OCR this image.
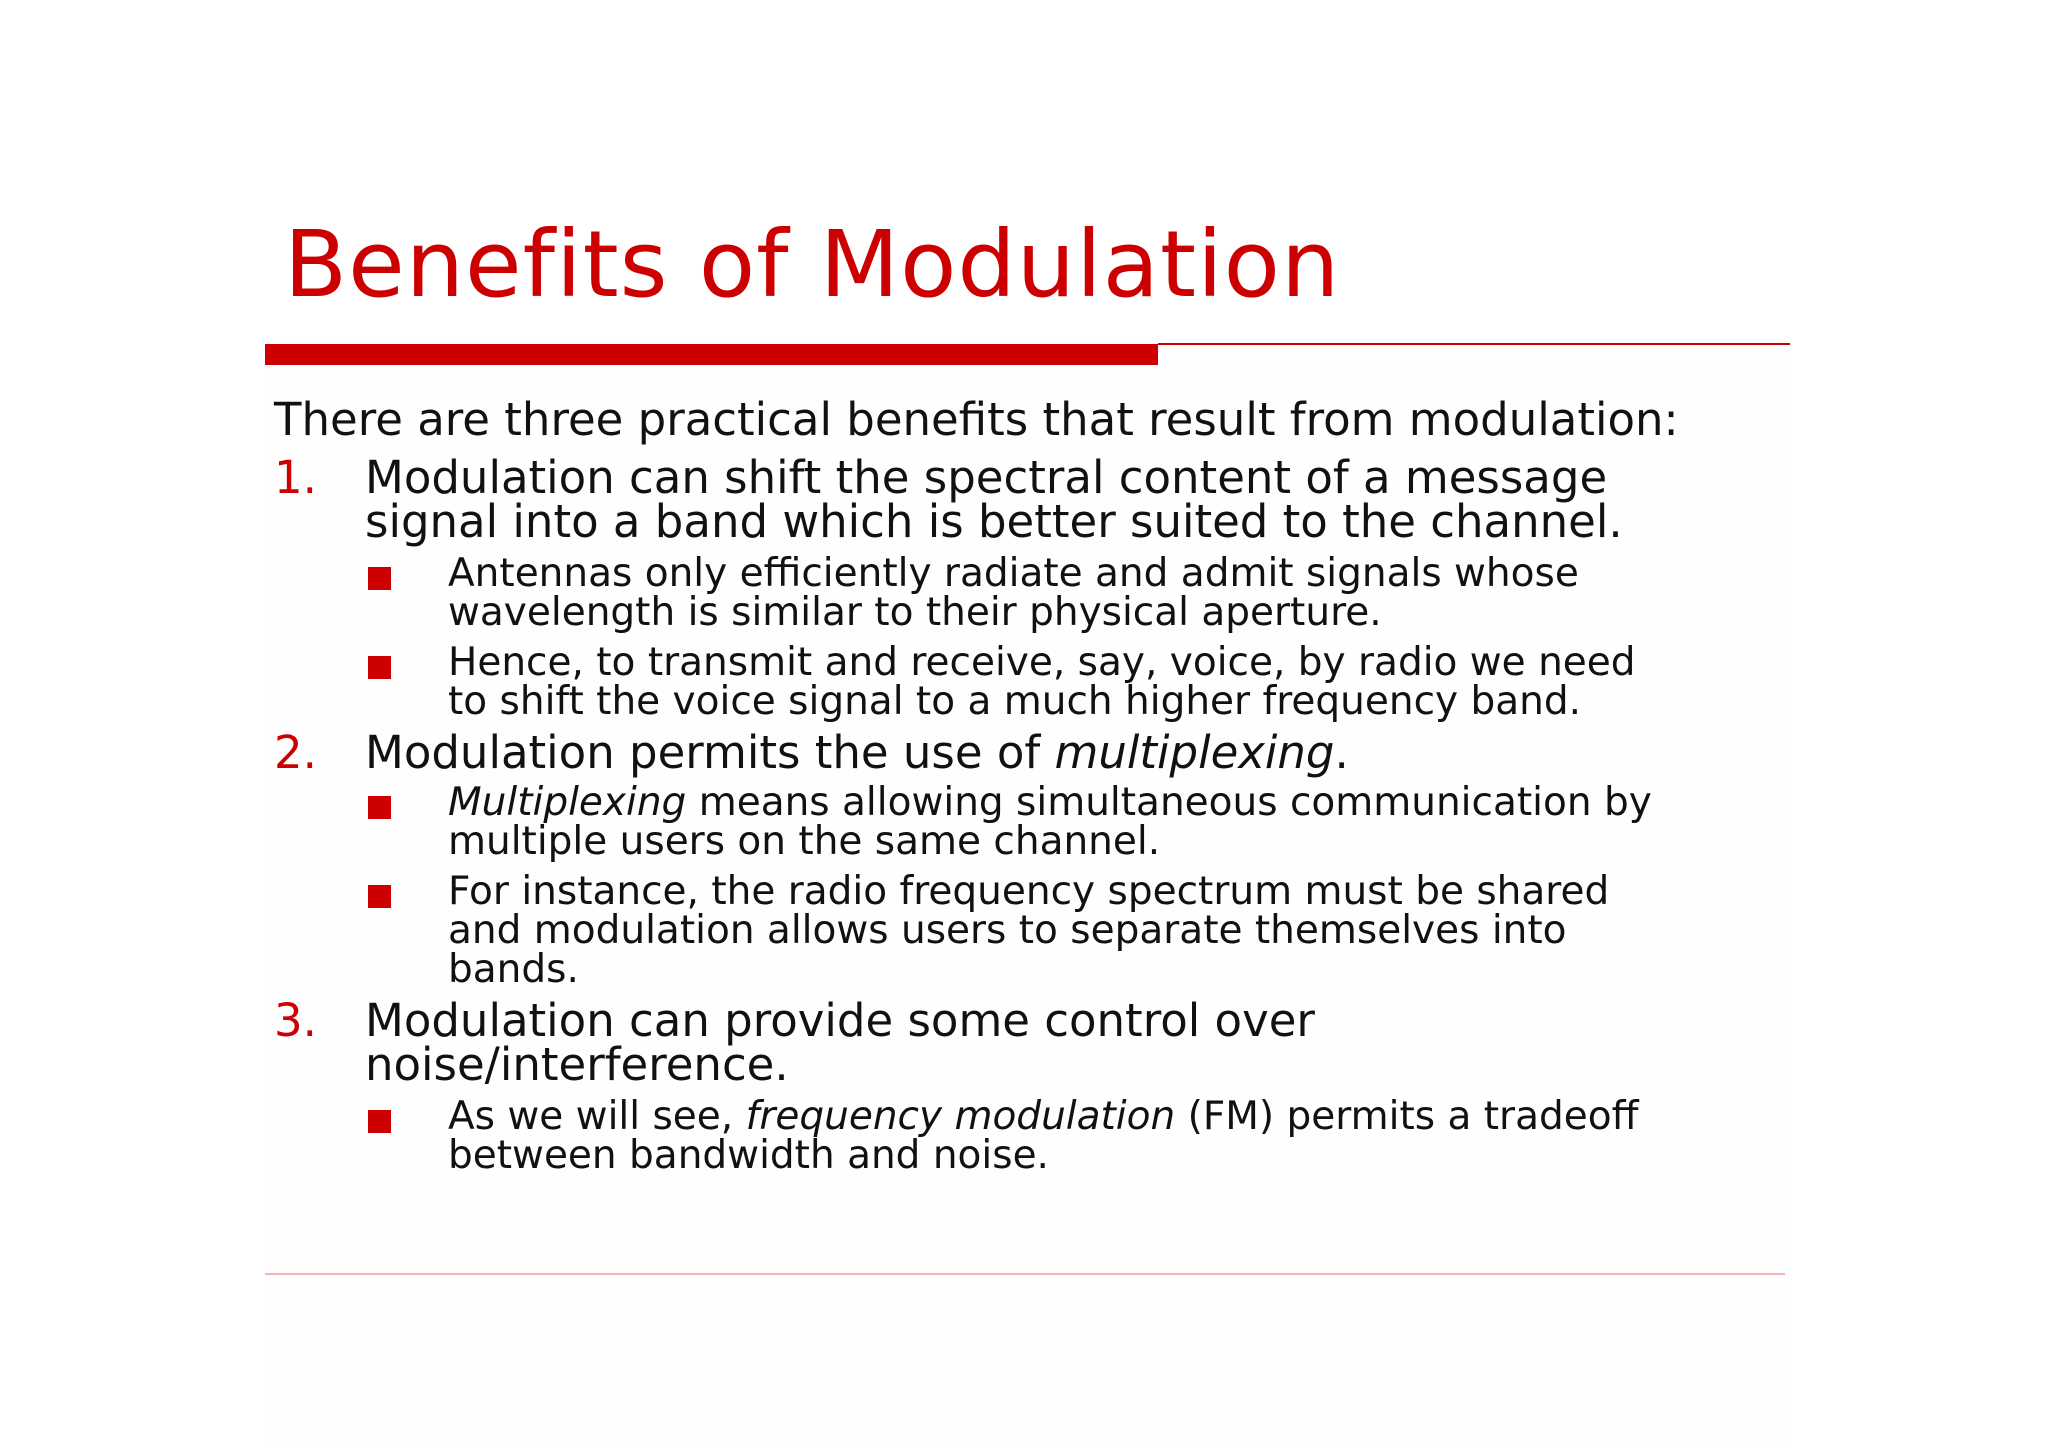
Benefits of Modulation

There are three practical benefits that result from modulation:

1. Modulation can shift the spectral content of a message
signal into a band which is better suited to the channel.
Antennas only efficiently radiate and admit signals whose
wavelength is similar to their physical aperture.
Hence, to transmit and receive, say, voice, by radio we need
to shift the voice signal to a much higher frequency band.
2. Modulation permits the use of multiplexing.
Multiplexing means allowing simultaneous communication by
multiple users on the same channel.
For instance, the radio frequency spectrum must be shared
and modulation allows users to separate themselves into
bands.
3. Modulation can provide some control over
noise/interference.
As we will see, frequency modulation (FM) permits a tradeoff
between bandwidth and noise.
